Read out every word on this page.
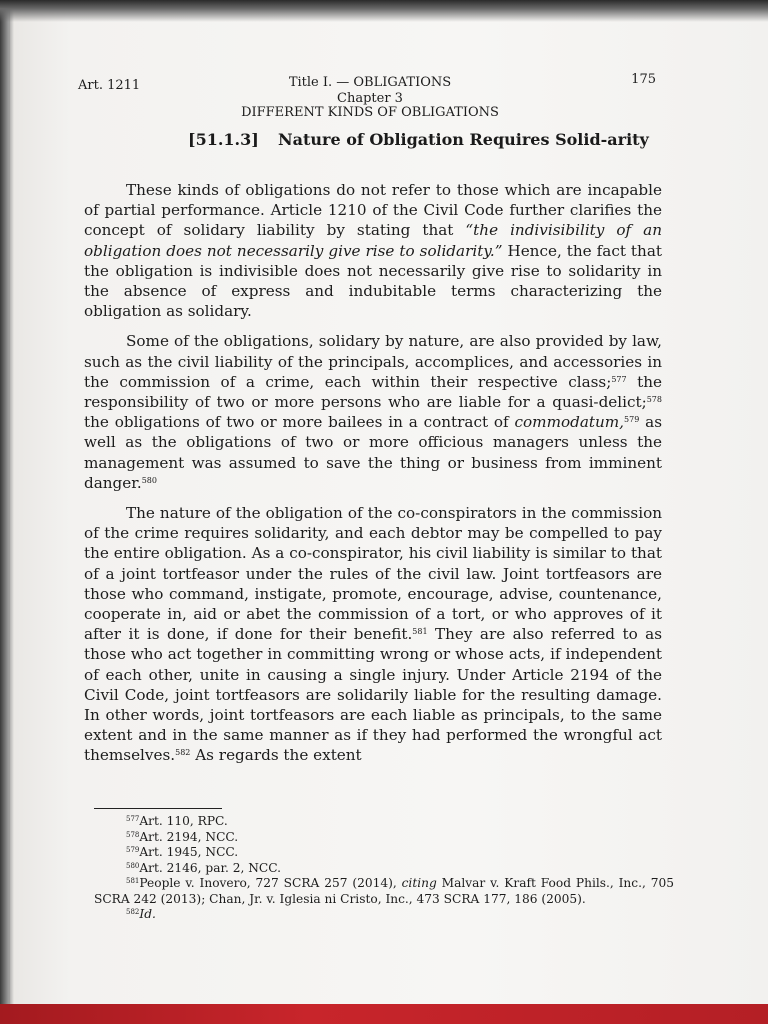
Art. 1211	Title I. — OBLIGATIONS
Chapter 3
DIFFERENT KINDS OF OBLIGATIONS
175
[51.1.3] Nature of Obligation Requires Solid-arity

These kinds of obligations do not refer to those which are incapable of partial performance. Article 1210 of the Civil Code further clarifies the concept of solidary liability by stating that “the indivisibility of an obligation does not necessarily give rise to solidarity.” Hence, the fact that the obligation is indivisible does not necessarily give rise to solidarity in the absence of express and indubitable terms characterizing the obligation as solidary.

Some of the obligations, solidary by nature, are also provided by law, such as the civil liability of the principals, accomplices, and accessories in the commission of a crime, each within their respective class;$^{577}$ the responsibility of two or more persons who are liable for a quasi-delict;$^{578}$ the obligations of two or more bailees in a contract of commodatum,$^{579}$ as well as the obligations of two or more officious managers unless the management was assumed to save the thing or business from imminent danger.$^{580}$

The nature of the obligation of the co-conspirators in the commission of the crime requires solidarity, and each debtor may be compelled to pay the entire obligation. As a co-conspirator, his civil liability is similar to that of a joint tortfeasor under the rules of the civil law. Joint tortfeasors are those who command, instigate, promote, encourage, advise, countenance, cooperate in, aid or abet the commission of a tort, or who approves of it after it is done, if done for their benefit.$^{581}$ They are also referred to as those who act together in committing wrong or whose acts, if independent of each other, unite in causing a single injury. Under Article 2194 of the Civil Code, joint tortfeasors are solidarily liable for the resulting damage. In other words, joint tortfeasors are each liable as principals, to the same extent and in the same manner as if they had performed the wrongful act themselves.$^{582}$ As regards the extent

$^{577}$Art. 110, RPC.
$^{578}$Art. 2194, NCC.
$^{579}$Art. 1945, NCC.
$^{580}$Art. 2146, par. 2, NCC.
$^{581}$People v. Inovero, 727 SCRA 257 (2014), citing Malvar v. Kraft Food Phils., Inc., 705 SCRA 242 (2013); Chan, Jr. v. Iglesia ni Cristo, Inc., 473 SCRA 177, 186 (2005).
$^{582}$Id.
